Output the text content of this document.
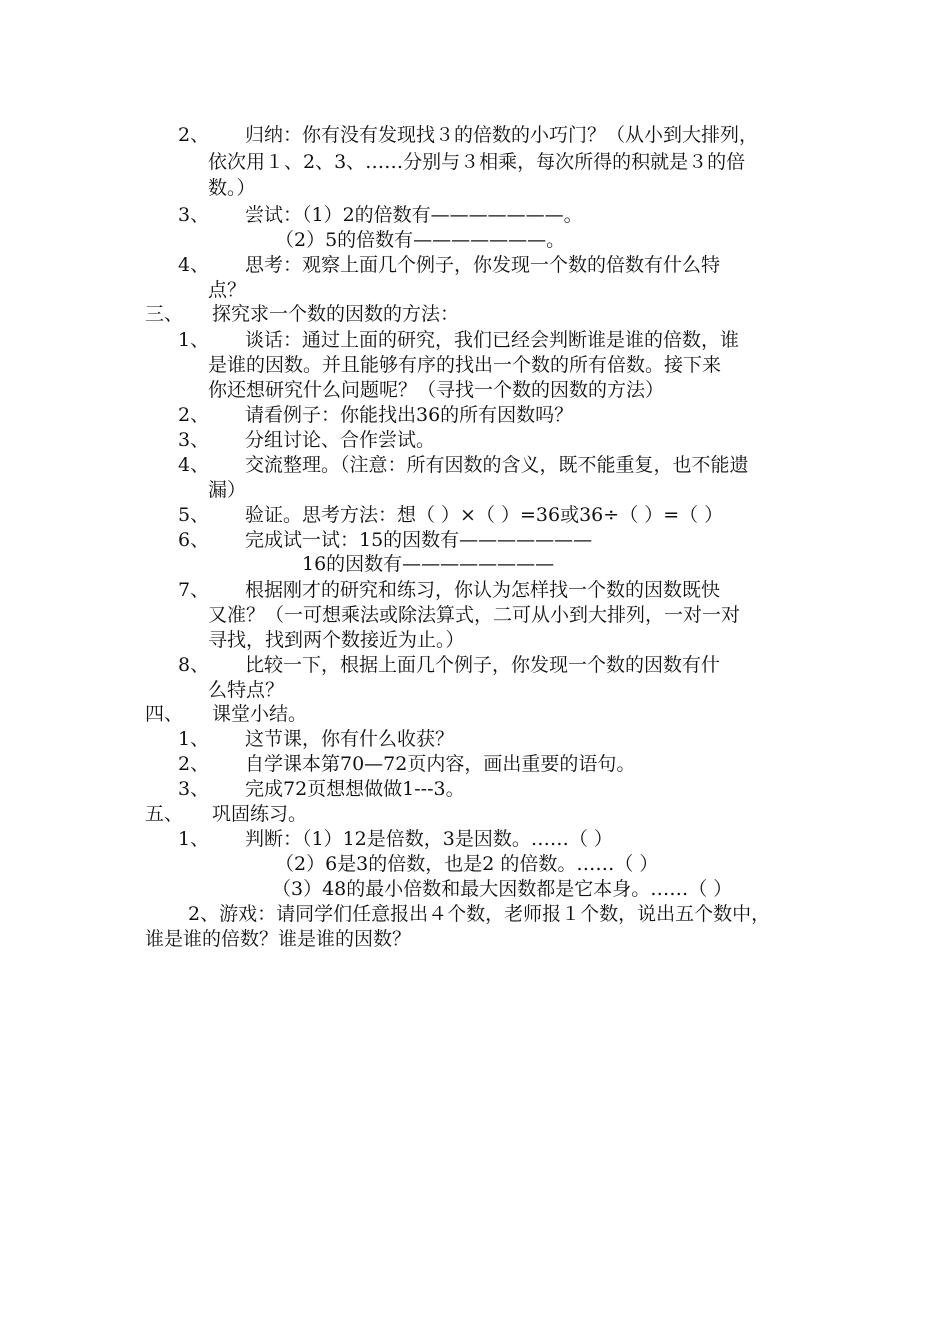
2、 归纳：你有没有发现找３的倍数的小巧门？（从小到大排列，
依次用１、2、3、……分别与３相乘，每次所得的积就是３的倍
数。）
3、 尝试：（1）2的倍数有———————。
（2）5的倍数有———————。
4、 思考：观察上面几个例子，你发现一个数的倍数有什么特
点？
三、 探究求一个数的因数的方法：
1、 谈话：通过上面的研究，我们已经会判断谁是谁的倍数，谁
是谁的因数。并且能够有序的找出一个数的所有倍数。接下来
你还想研究什么问题呢？（寻找一个数的因数的方法）
2、 请看例子：你能找出36的所有因数吗？
3、 分组讨论、合作尝试。
4、 交流整理。（注意：所有因数的含义，既不能重复，也不能遗
漏）
5、 验证。思考方法：想（ ）×（ ）=36或36÷（ ）=（ ）
6、 完成试一试：15的因数有———————
16的因数有————————
7、 根据刚才的研究和练习，你认为怎样找一个数的因数既快
又准？（一可想乘法或除法算式，二可从小到大排列，一对一对
寻找，找到两个数接近为止。）
8、 比较一下，根据上面几个例子，你发现一个数的因数有什
么特点？
四、 课堂小结。
1、 这节课，你有什么收获？
2、 自学课本第70—72页内容，画出重要的语句。
3、 完成72页想想做做1---3。
五、 巩固练习。
1、 判断：（1）12是倍数，3是因数。……（ ）
（2）6是3的倍数，也是2 的倍数。……（ ）
（3）48的最小倍数和最大因数都是它本身。……（ ）
2、游戏：请同学们任意报出４个数，老师报１个数，说出五个数中，
谁是谁的倍数？谁是谁的因数？
